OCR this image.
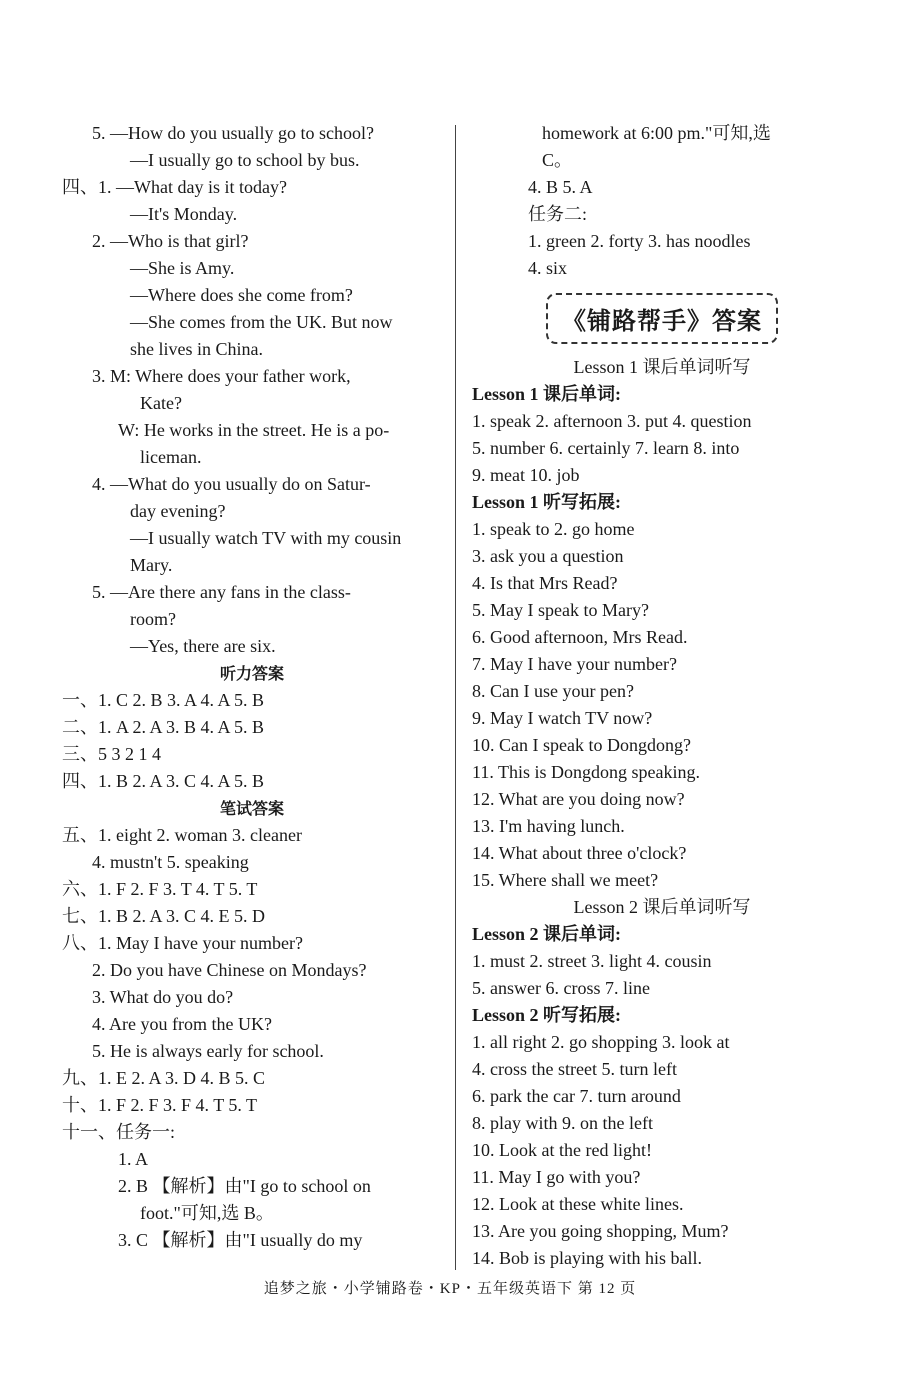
5. —How do you usually go to school?
—I usually go to school by bus.
四、1. —What day is it today?
—It's Monday.
2. —Who is that girl?
—She is Amy.
—Where does she come from?
—She comes from the UK. But now
she lives in China.
3. M: Where does your father work,
Kate?
W: He works in the street. He is a po-
liceman.
4. —What do you usually do on Satur-
day evening?
—I usually watch TV with my cousin
Mary.
5. —Are there any fans in the class-
room?
—Yes, there are six.
听力答案
一、1. C 2. B 3. A 4. A 5. B
二、1. A 2. A 3. B 4. A 5. B
三、5 3 2 1 4
四、1. B 2. A 3. C 4. A 5. B
笔试答案
五、1. eight 2. woman 3. cleaner
4. mustn't 5. speaking
六、1. F 2. F 3. T 4. T 5. T
七、1. B 2. A 3. C 4. E 5. D
八、1. May I have your number?
2. Do you have Chinese on Mondays?
3. What do you do?
4. Are you from the UK?
5. He is always early for school.
九、1. E 2. A 3. D 4. B 5. C
十、1. F 2. F 3. F 4. T 5. T
十一、任务一:
1. A
2. B 【解析】由"I go to school on
foot."可知,选 B。
3. C 【解析】由"I usually do my
homework at 6:00 pm."可知,选
C。
4. B 5. A
任务二:
1. green 2. forty 3. has noodles
4. six
《铺路帮手》答案
Lesson 1 课后单词听写
Lesson 1 课后单词:
1. speak 2. afternoon 3. put 4. question
5. number 6. certainly 7. learn 8. into
9. meat 10. job
Lesson 1 听写拓展:
1. speak to 2. go home
3. ask you a question
4. Is that Mrs Read?
5. May I speak to Mary?
6. Good afternoon, Mrs Read.
7. May I have your number?
8. Can I use your pen?
9. May I watch TV now?
10. Can I speak to Dongdong?
11. This is Dongdong speaking.
12. What are you doing now?
13. I'm having lunch.
14. What about three o'clock?
15. Where shall we meet?
Lesson 2 课后单词听写
Lesson 2 课后单词:
1. must 2. street 3. light 4. cousin
5. answer 6. cross 7. line
Lesson 2 听写拓展:
1. all right 2. go shopping 3. look at
4. cross the street 5. turn left
6. park the car 7. turn around
8. play with 9. on the left
10. Look at the red light!
11. May I go with you?
12. Look at these white lines.
13. Are you going shopping, Mum?
14. Bob is playing with his ball.
追梦之旅・小学铺路卷・KP・五年级英语下 第 12 页
